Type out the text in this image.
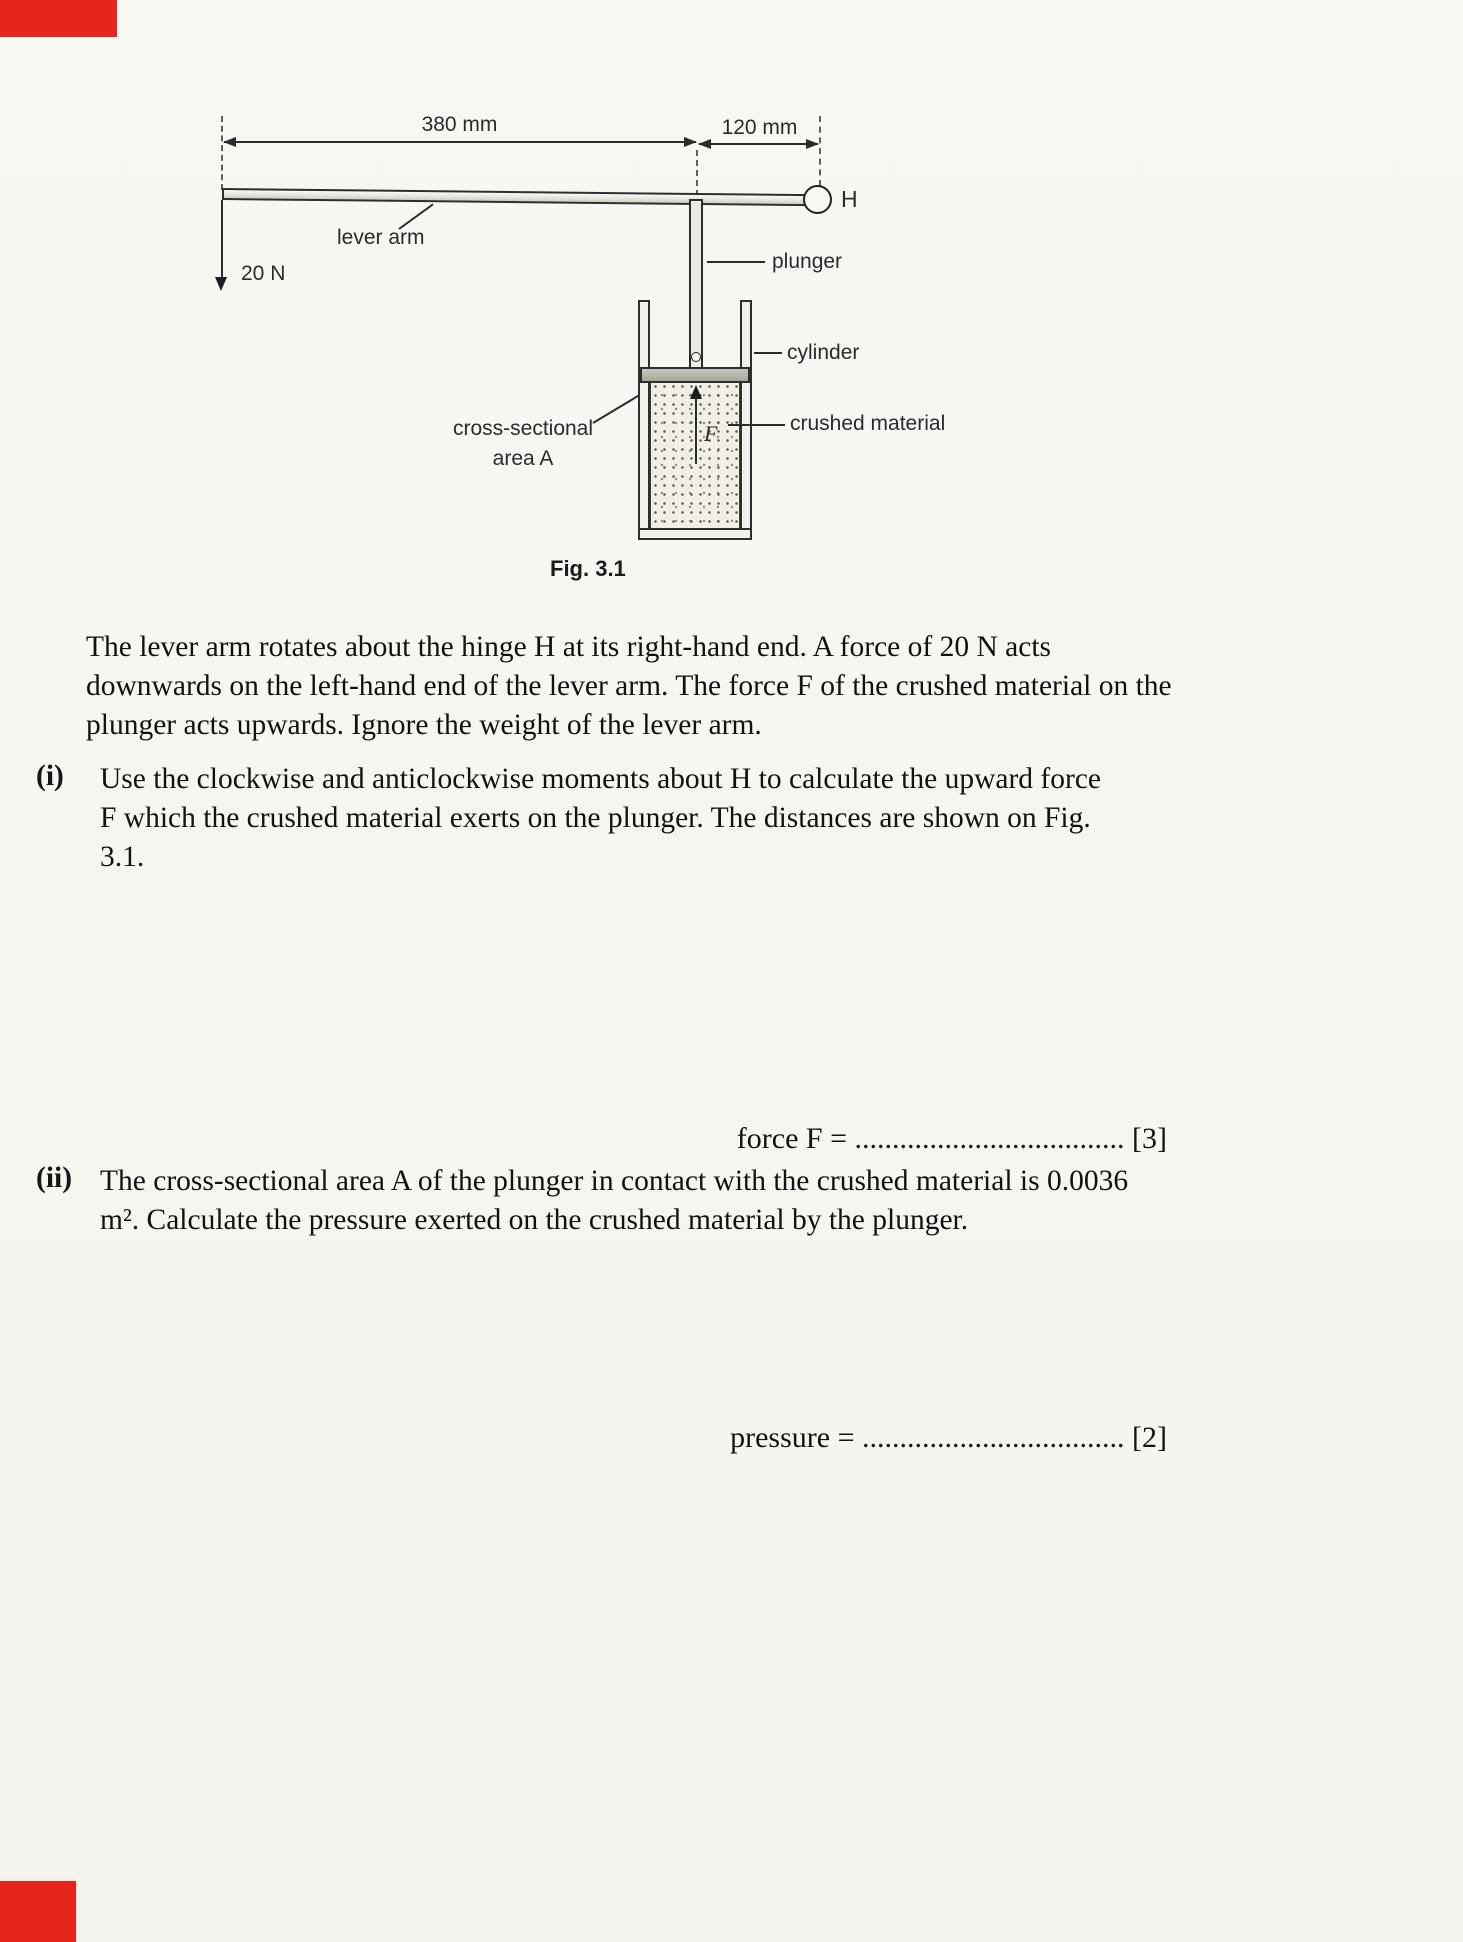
380 mm	120 mm
H
20 N
lever arm
plunger
F
cylinder
crushed material
cross-sectional
area A
Fig. 3.1
The lever arm rotates about the hinge H at its right-hand end. A force of 20 N acts downwards on the left-hand end of the lever arm. The force F of the crushed material on the plunger acts upwards. Ignore the weight of the lever arm.
(i) Use the clockwise and anticlockwise moments about H to calculate the upward force F which the crushed material exerts on the plunger. The distances are shown on Fig. 3.1.
force F = .................................... [3]
(ii) The cross-sectional area A of the plunger in contact with the crushed material is 0.0036 m². Calculate the pressure exerted on the crushed material by the plunger.
pressure = ................................... [2]
